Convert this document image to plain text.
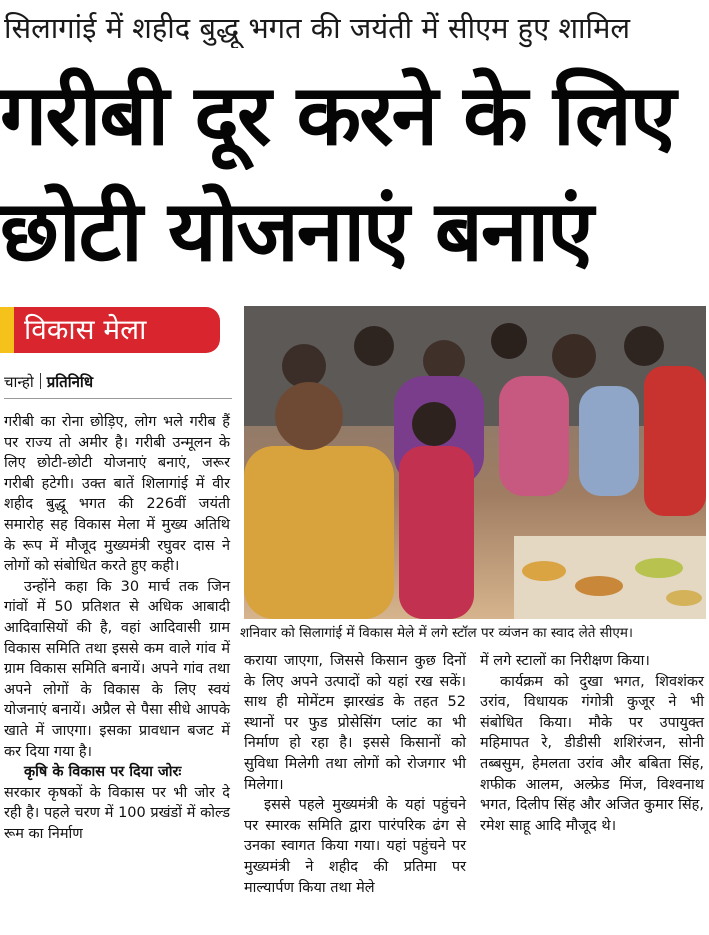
सिलागांई में शहीद बुद्धू भगत की जयंती में सीएम हुए शामिल
गरीबी दूर करने के लिए
छोटी योजनाएं बनाएं
विकास मेला
चान्हो प्रतिनिधि
शनिवार को सिलागांई में विकास मेले में लगे स्टॉल पर व्यंजन का स्वाद लेते सीएम।

गरीबी का रोना छोड़िए, लोग भले गरीब हैं पर राज्य तो अमीर है। गरीबी उन्मूलन के लिए छोटी-छोटी योजनाएं बनाएं, जरूर गरीबी हटेगी। उक्त बातें शिलागांई में वीर शहीद बुद्धू भगत की 226वीं जयंती समारोह सह विकास मेला में मुख्य अतिथि के रूप में मौजूद मुख्यमंत्री रघुवर दास ने लोगों को संबोधित करते हुए कही।

उन्होंने कहा कि 30 मार्च तक जिन गांवों में 50 प्रतिशत से अधिक आबादी आदिवासियों की है, वहां आदिवासी ग्राम विकास समिति तथा इससे कम वाले गांव में ग्राम विकास समिति बनायें। अपने गांव तथा अपने लोगों के विकास के लिए स्वयं योजनाएं बनायें। अप्रैल से पैसा सीधे आपके खाते में जाएगा। इसका प्रावधान बजट में कर दिया गया है।

कृषि के विकास पर दिया जोरः

सरकार कृषकों के विकास पर भी जोर दे रही है। पहले चरण में 100 प्रखंडों में कोल्ड रूम का निर्माण

कराया जाएगा, जिससे किसान कुछ दिनों के लिए अपने उत्पादों को यहां रख सकें। साथ ही मोमेंटम झारखंड के तहत 52 स्थानों पर फुड प्रोसेसिंग प्लांट का भी निर्माण हो रहा है। इससे किसानों को सुविधा मिलेगी तथा लोगों को रोजगार भी मिलेगा।

इससे पहले मुख्यमंत्री के यहां पहुंचने पर स्मारक समिति द्वारा पारंपरिक ढंग से उनका स्वागत किया गया। यहां पहुंचने पर मुख्यमंत्री ने शहीद की प्रतिमा पर माल्यार्पण किया तथा मेले

में लगे स्टालों का निरीक्षण किया।

कार्यक्रम को दुखा भगत, शिवशंकर उरांव, विधायक गंगोत्री कुजूर ने भी संबोधित किया। मौके पर उपायुक्त महिमापत रे, डीडीसी शशिरंजन, सोनी तब्बसुम, हेमलता उरांव और बबिता सिंह, शफीक आलम, अल्फ्रेड मिंज, विश्वनाथ भगत, दिलीप सिंह और अजित कुमार सिंह, रमेश साहू आदि मौजूद थे।
